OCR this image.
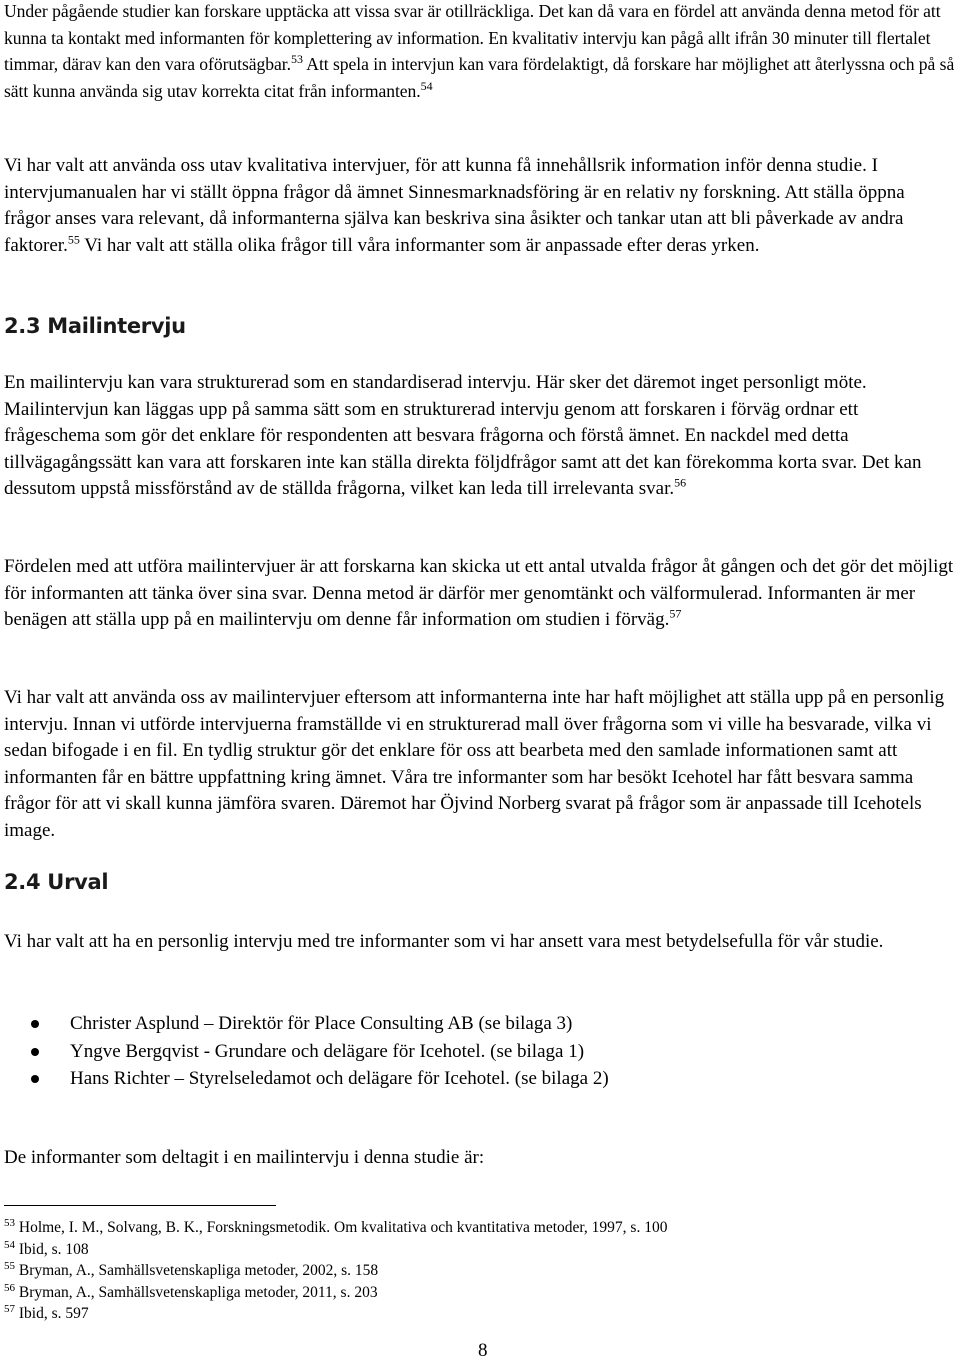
Under pågående studier kan forskare upptäcka att vissa svar är otillräckliga. Det kan då vara en fördel att använda denna metod för att kunna ta kontakt med informanten för komplettering av information. En kvalitativ intervju kan pågå allt ifrån 30 minuter till flertalet timmar, därav kan den vara oförutsägbar.$^{53}$ Att spela in intervjun kan vara fördelaktigt, då forskare har möjlighet att återlyssna och på så sätt kunna använda sig utav korrekta citat från informanten.$^{54}$

Vi har valt att använda oss utav kvalitativa intervjuer, för att kunna få innehållsrik information inför denna studie. I intervjumanualen har vi ställt öppna frågor då ämnet Sinnesmarknadsföring är en relativ ny forskning. Att ställa öppna frågor anses vara relevant, då informanterna själva kan beskriva sina åsikter och tankar utan att bli påverkade av andra faktorer.$^{55}$ Vi har valt att ställa olika frågor till våra informanter som är anpassade efter deras yrken.

2.3 Mailintervju

En mailintervju kan vara strukturerad som en standardiserad intervju. Här sker det däremot inget personligt möte. Mailintervjun kan läggas upp på samma sätt som en strukturerad intervju genom att forskaren i förväg ordnar ett frågeschema som gör det enklare för respondenten att besvara frågorna och förstå ämnet. En nackdel med detta tillvägagångssätt kan vara att forskaren inte kan ställa direkta följdfrågor samt att det kan förekomma korta svar. Det kan dessutom uppstå missförstånd av de ställda frågorna, vilket kan leda till irrelevanta svar.$^{56}$

Fördelen med att utföra mailintervjuer är att forskarna kan skicka ut ett antal utvalda frågor åt gången och det gör det möjligt för informanten att tänka över sina svar. Denna metod är därför mer genomtänkt och välformulerad. Informanten är mer benägen att ställa upp på en mailintervju om denne får information om studien i förväg.$^{57}$

Vi har valt att använda oss av mailintervjuer eftersom att informanterna inte har haft möjlighet att ställa upp på en personlig intervju. Innan vi utförde intervjuerna framställde vi en strukturerad mall över frågorna som vi ville ha besvarade, vilka vi sedan bifogade i en fil. En tydlig struktur gör det enklare för oss att bearbeta med den samlade informationen samt att informanten får en bättre uppfattning kring ämnet. Våra tre informanter som har besökt Icehotel har fått besvara samma frågor för att vi skall kunna jämföra svaren. Däremot har Öjvind Norberg svarat på frågor som är anpassade till Icehotels image.

2.4 Urval

Vi har valt att ha en personlig intervju med tre informanter som vi har ansett vara mest betydelsefulla för vår studie.

Christer Asplund – Direktör för Place Consulting AB (se bilaga 3)
Yngve Bergqvist - Grundare och delägare för Icehotel. (se bilaga 1)
Hans Richter – Styrelseledamot och delägare för Icehotel. (se bilaga 2)

De informanter som deltagit i en mailintervju i denna studie är:

$^{53}$ Holme, I. M., Solvang, B. K., Forskningsmetodik. Om kvalitativa och kvantitativa metoder, 1997, s. 100
$^{54}$ Ibid, s. 108
$^{55}$ Bryman, A., Samhällsvetenskapliga metoder, 2002, s. 158
$^{56}$ Bryman, A., Samhällsvetenskapliga metoder, 2011, s. 203
$^{57}$ Ibid, s. 597
8
